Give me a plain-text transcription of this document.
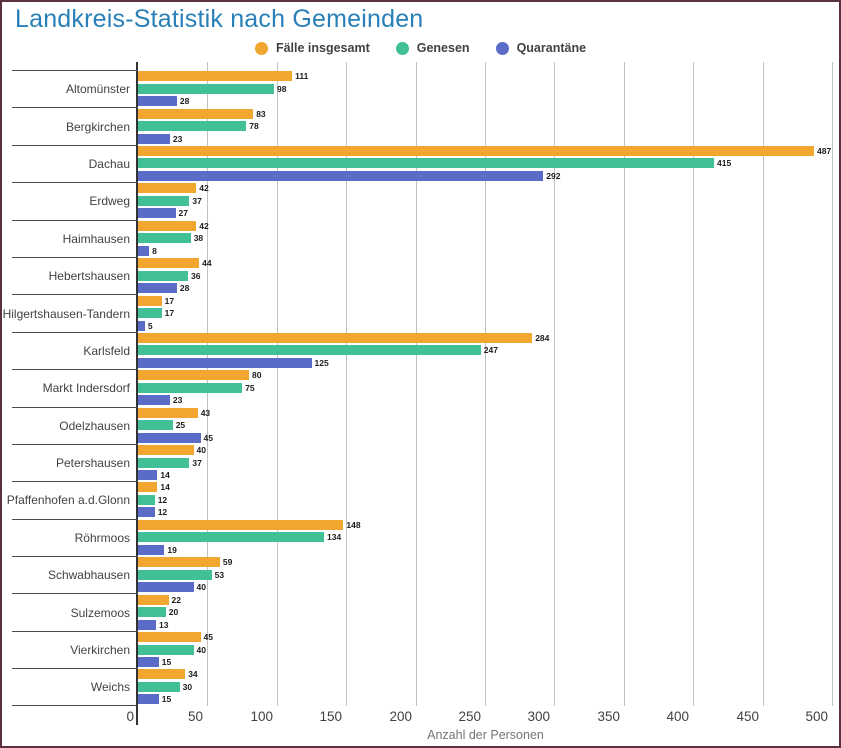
Landkreis-Statistik nach Gemeinden
Fälle insgesamt	Genesen	Quarantäne
Altomünster
111
98
28
Bergkirchen
83
78
23
Dachau
487
415
292
Erdweg
42
37
27
Haimhausen
42
38
8
Hebertshausen
44
36
28
Hilgertshausen-Tandern
17
17
5
Karlsfeld
284
247
125
Markt Indersdorf
80
75
23
Odelzhausen
43
25
45
Petershausen
40
37
14
Pfaffenhofen a.d.Glonn
14
12
12
Röhrmoos
148
134
19
Schwabhausen
59
53
40
Sulzemoos
22
20
13
Vierkirchen
45
40
15
Weichs
34
30
15
0	50	100	150	200	250	300	350	400	450	500
Anzahl der Personen
